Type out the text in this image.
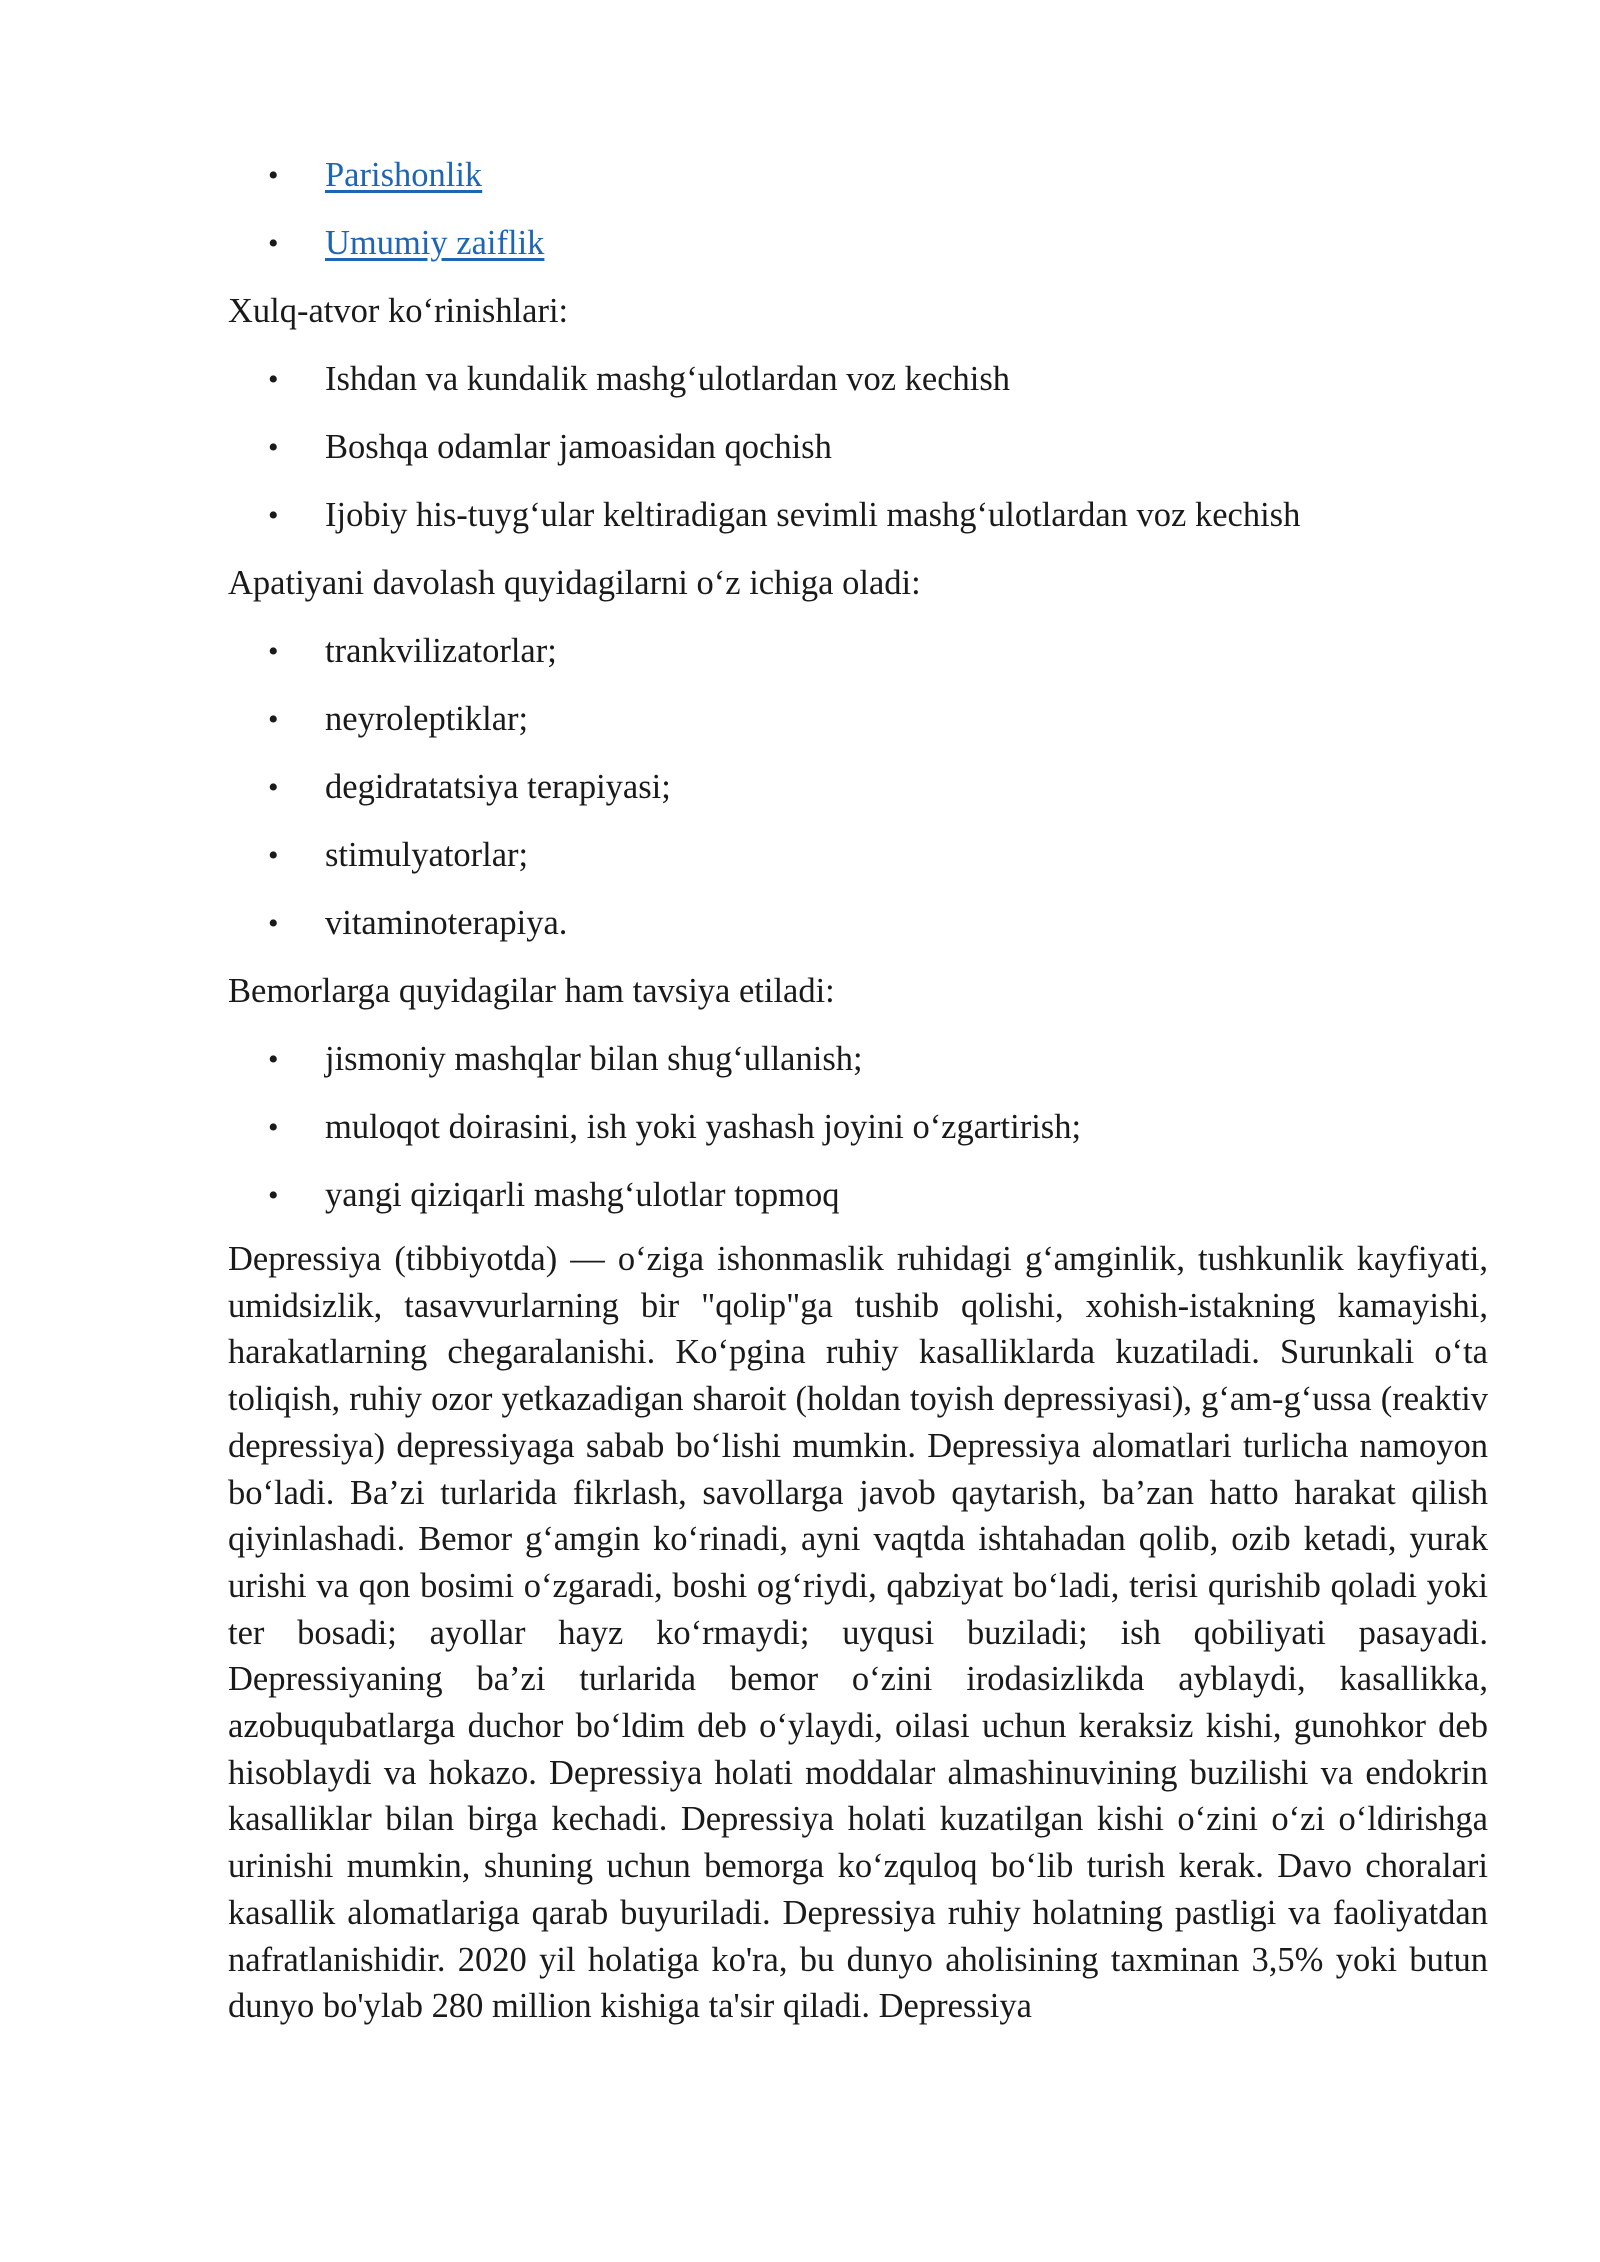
• Parishonlik
• Umumiy zaiflik

Xulq-atvor ko‘rinishlari:

• Ishdan va kundalik mashg‘ulotlardan voz kechish
• Boshqa odamlar jamoasidan qochish
• Ijobiy his-tuyg‘ular keltiradigan sevimli mashg‘ulotlardan voz kechish

Apatiyani davolash quyidagilarni o‘z ichiga oladi:

• trankvilizatorlar;
• neyroleptiklar;
• degidratatsiya terapiyasi;
• stimulyatorlar;
• vitaminoterapiya.

Bemorlarga quyidagilar ham tavsiya etiladi:

• jismoniy mashqlar bilan shug‘ullanish;
• muloqot doirasini, ish yoki yashash joyini o‘zgartirish;
• yangi qiziqarli mashg‘ulotlar topmoq

Depressiya (tibbiyotda) — o‘ziga ishonmaslik ruhidagi g‘amginlik, tushkunlik kayfiyati, umidsizlik, tasavvurlarning bir "qolip"ga tushib qolishi, xohish-istakning kamayishi, harakatlarning chegaralanishi. Ko‘pgina ruhiy kasalliklarda kuzatiladi. Surunkali o‘ta toliqish, ruhiy ozor yetkazadigan sharoit (holdan toyish depressiyasi), g‘am-g‘ussa (reaktiv depressiya) depressiyaga sabab bo‘lishi mumkin. Depressiya alomatlari turlicha namoyon bo‘ladi. Ba’zi turlarida fikrlash, savollarga javob qaytarish, ba’zan hatto harakat qilish qiyinlashadi. Bemor g‘amgin ko‘rinadi, ayni vaqtda ishtahadan qolib, ozib ketadi, yurak urishi va qon bosimi o‘zgaradi, boshi og‘riydi, qabziyat bo‘ladi, terisi qurishib qoladi yoki ter bosadi; ayollar hayz ko‘rmaydi; uyqusi buziladi; ish qobiliyati pasayadi. Depressiyaning ba’zi turlarida bemor o‘zini irodasizlikda ayblaydi, kasallikka, azobuqubatlarga duchor bo‘ldim deb o‘ylaydi, oilasi uchun keraksiz kishi, gunohkor deb hisoblaydi va hokazo. Depressiya holati moddalar almashinuvining buzilishi va endokrin kasalliklar bilan birga kechadi. Depressiya holati kuzatilgan kishi o‘zini o‘zi o‘ldirishga urinishi mumkin, shuning uchun bemorga ko‘zquloq bo‘lib turish kerak. Davo choralari kasallik alomatlariga qarab buyuriladi. Depressiya ruhiy holatning pastligi va faoliyatdan nafratlanishidir. 2020 yil holatiga ko'ra, bu dunyo aholisining taxminan 3,5% yoki butun dunyo bo'ylab 280 million kishiga ta'sir qiladi. Depressiya
